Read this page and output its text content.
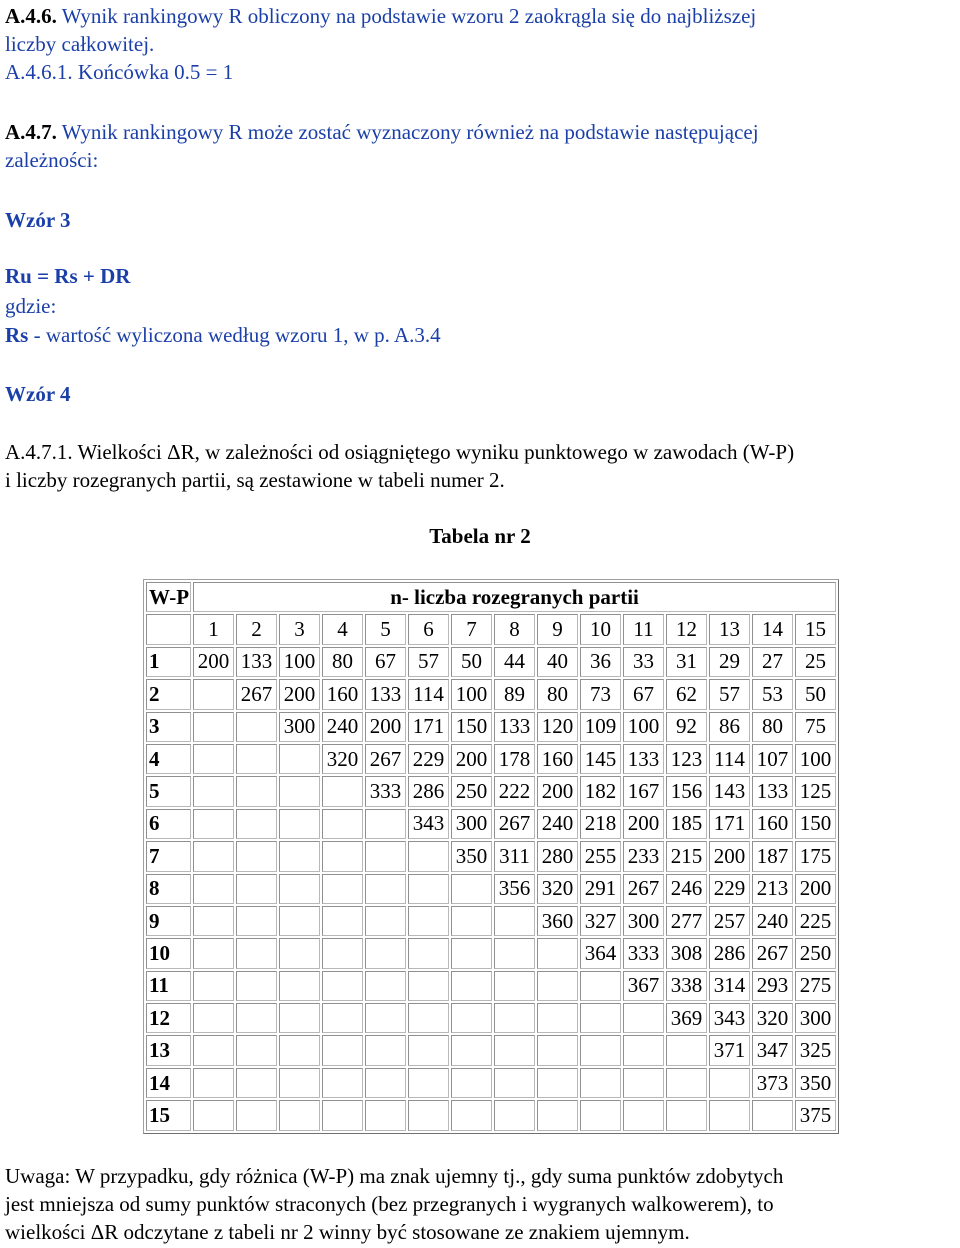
A.4.6. Wynik rankingowy R obliczony na podstawie wzoru 2 zaokrągla się do najbliższej
liczby całkowitej.
A.4.6.1. Końcówka 0.5 = 1
A.4.7. Wynik rankingowy R może zostać wyznaczony również na podstawie następującej
zależności:
Wzór 3
Ru = Rs + DR
gdzie:
Rs - wartość wyliczona według wzoru 1, w p. A.3.4
Wzór 4
A.4.7.1. Wielkości ΔR, w zależności od osiągniętego wyniku punktowego w zawodach (W-P)
i liczby rozegranych partii, są zestawione w tabeli numer 2.
Tabela nr 2
W-P	n- liczba rozegranych partii														
	1	2	3	4	5	6	7	8	9	10	11	12	13	14	15
1	200	133	100	80	67	57	50	44	40	36	33	31	29	27	25
2		267	200	160	133	114	100	89	80	73	67	62	57	53	50
3			300	240	200	171	150	133	120	109	100	92	86	80	75
4				320	267	229	200	178	160	145	133	123	114	107	100
5					333	286	250	222	200	182	167	156	143	133	125
6						343	300	267	240	218	200	185	171	160	150
7							350	311	280	255	233	215	200	187	175
8								356	320	291	267	246	229	213	200
9									360	327	300	277	257	240	225
10										364	333	308	286	267	250
11											367	338	314	293	275
12												369	343	320	300
13													371	347	325
14														373	350
15															375
Uwaga: W przypadku, gdy różnica (W-P) ma znak ujemny tj., gdy suma punktów zdobytych
jest mniejsza od sumy punktów straconych (bez przegranych i wygranych walkowerem), to
wielkości ΔR odczytane z tabeli nr 2 winny być stosowane ze znakiem ujemnym.
